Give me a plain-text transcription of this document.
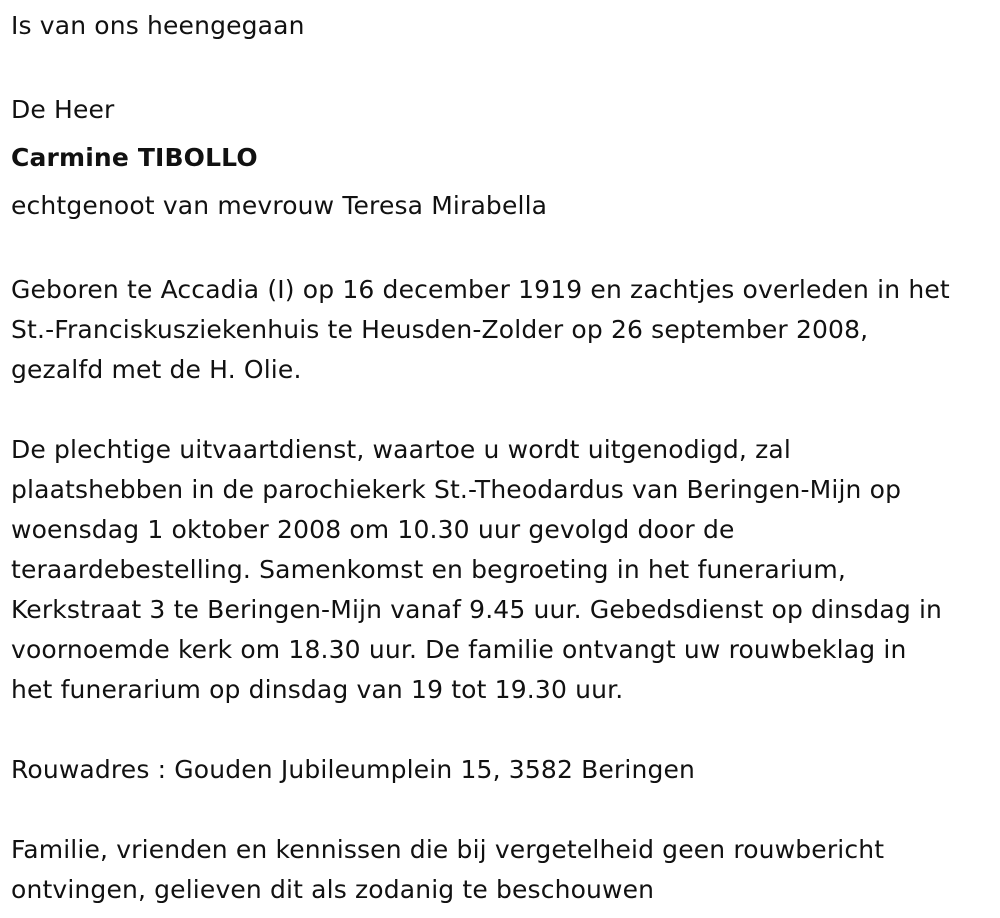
Is van ons heengegaan
De Heer
Carmine TIBOLLO
echtgenoot van mevrouw Teresa Mirabella
Geboren te Accadia (I) op 16 december 1919 en zachtjes overleden in het
St.-Franciskusziekenhuis te Heusden-Zolder op 26 september 2008,
gezalfd met de H. Olie.
De plechtige uitvaartdienst, waartoe u wordt uitgenodigd, zal
plaatshebben in de parochiekerk St.-Theodardus van Beringen-Mijn op
woensdag 1 oktober 2008 om 10.30 uur gevolgd door de
teraardebestelling. Samenkomst en begroeting in het funerarium,
Kerkstraat 3 te Beringen-Mijn vanaf 9.45 uur. Gebedsdienst op dinsdag in
voornoemde kerk om 18.30 uur. De familie ontvangt uw rouwbeklag in
het funerarium op dinsdag van 19 tot 19.30 uur.
Rouwadres : Gouden Jubileumplein 15, 3582 Beringen
Familie, vrienden en kennissen die bij vergetelheid geen rouwbericht
ontvingen, gelieven dit als zodanig te beschouwen
